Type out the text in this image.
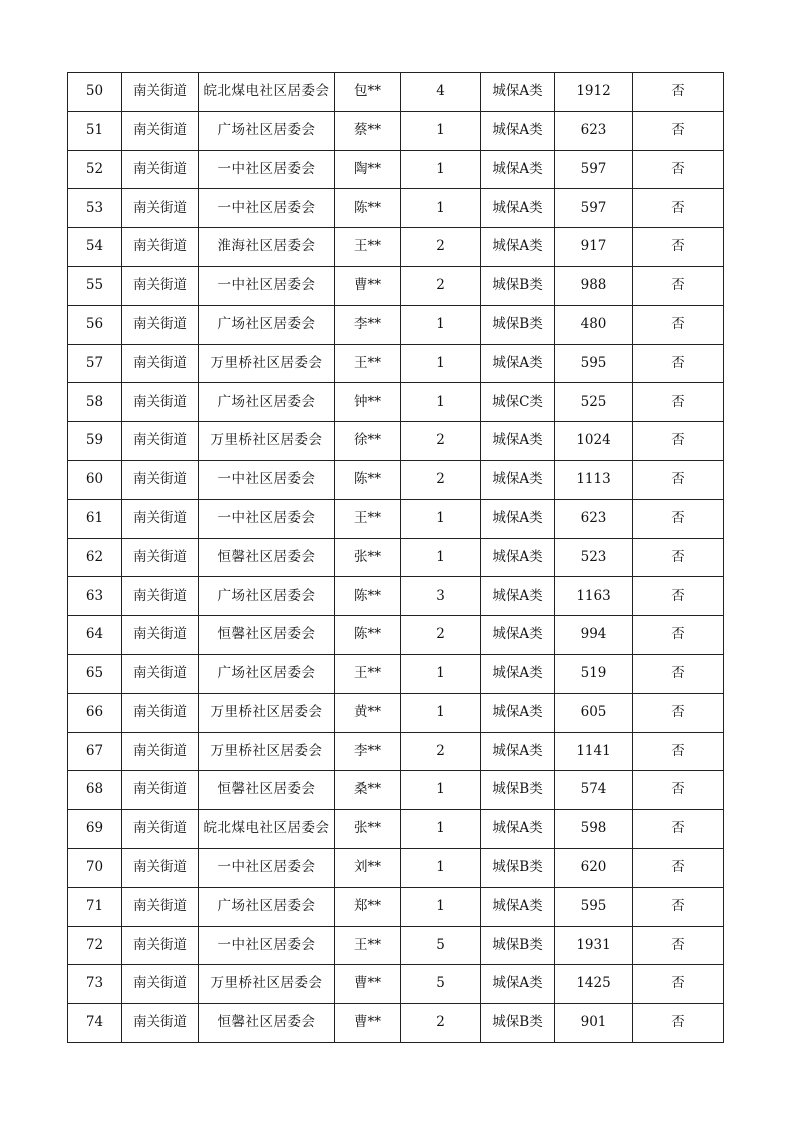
50	南关街道	皖北煤电社区居委会	包**	4	城保A类	1912	否
51	南关街道	广场社区居委会	蔡**	1	城保A类	623	否
52	南关街道	一中社区居委会	陶**	1	城保A类	597	否
53	南关街道	一中社区居委会	陈**	1	城保A类	597	否
54	南关街道	淮海社区居委会	王**	2	城保A类	917	否
55	南关街道	一中社区居委会	曹**	2	城保B类	988	否
56	南关街道	广场社区居委会	李**	1	城保B类	480	否
57	南关街道	万里桥社区居委会	王**	1	城保A类	595	否
58	南关街道	广场社区居委会	钟**	1	城保C类	525	否
59	南关街道	万里桥社区居委会	徐**	2	城保A类	1024	否
60	南关街道	一中社区居委会	陈**	2	城保A类	1113	否
61	南关街道	一中社区居委会	王**	1	城保A类	623	否
62	南关街道	恒馨社区居委会	张**	1	城保A类	523	否
63	南关街道	广场社区居委会	陈**	3	城保A类	1163	否
64	南关街道	恒馨社区居委会	陈**	2	城保A类	994	否
65	南关街道	广场社区居委会	王**	1	城保A类	519	否
66	南关街道	万里桥社区居委会	黄**	1	城保A类	605	否
67	南关街道	万里桥社区居委会	李**	2	城保A类	1141	否
68	南关街道	恒馨社区居委会	桑**	1	城保B类	574	否
69	南关街道	皖北煤电社区居委会	张**	1	城保A类	598	否
70	南关街道	一中社区居委会	刘**	1	城保B类	620	否
71	南关街道	广场社区居委会	郑**	1	城保A类	595	否
72	南关街道	一中社区居委会	王**	5	城保B类	1931	否
73	南关街道	万里桥社区居委会	曹**	5	城保A类	1425	否
74	南关街道	恒馨社区居委会	曹**	2	城保B类	901	否
